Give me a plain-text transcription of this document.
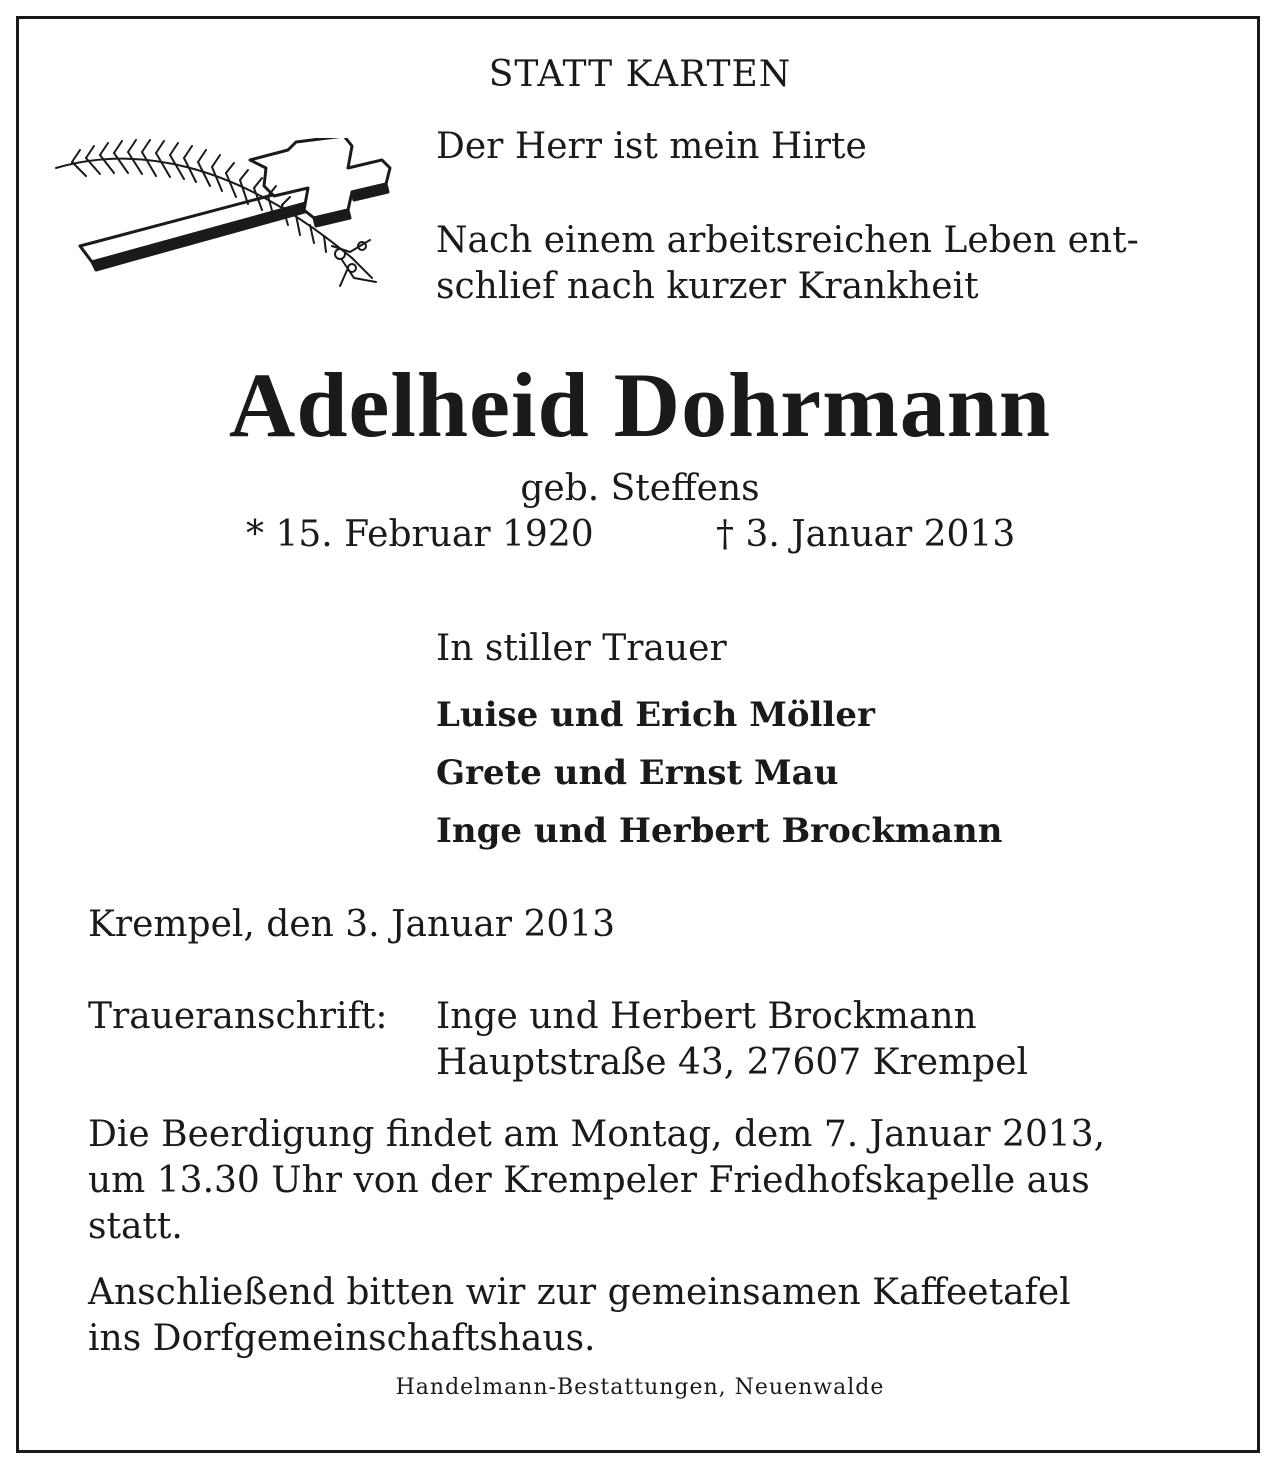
STATT KARTEN
Der Herr ist mein Hirte
Nach einem arbeitsreichen Leben ent-
schlief nach kurzer Krankheit
Adelheid Dohrmann
geb. Steffens
* 15. Februar 1920	† 3. Januar 2013
In stiller Trauer
Luise und Erich Möller
Grete und Ernst Mau
Inge und Herbert Brockmann
Krempel, den 3. Januar 2013
Traueranschrift: Inge und Herbert Brockmann
Hauptstraße 43, 27607 Krempel
Die Beerdigung findet am Montag, dem 7. Januar 2013,
um 13.30 Uhr von der Krempeler Friedhofskapelle aus
statt.
Anschließend bitten wir zur gemeinsamen Kaffeetafel
ins Dorfgemeinschaftshaus.
Handelmann-Bestattungen, Neuenwalde
